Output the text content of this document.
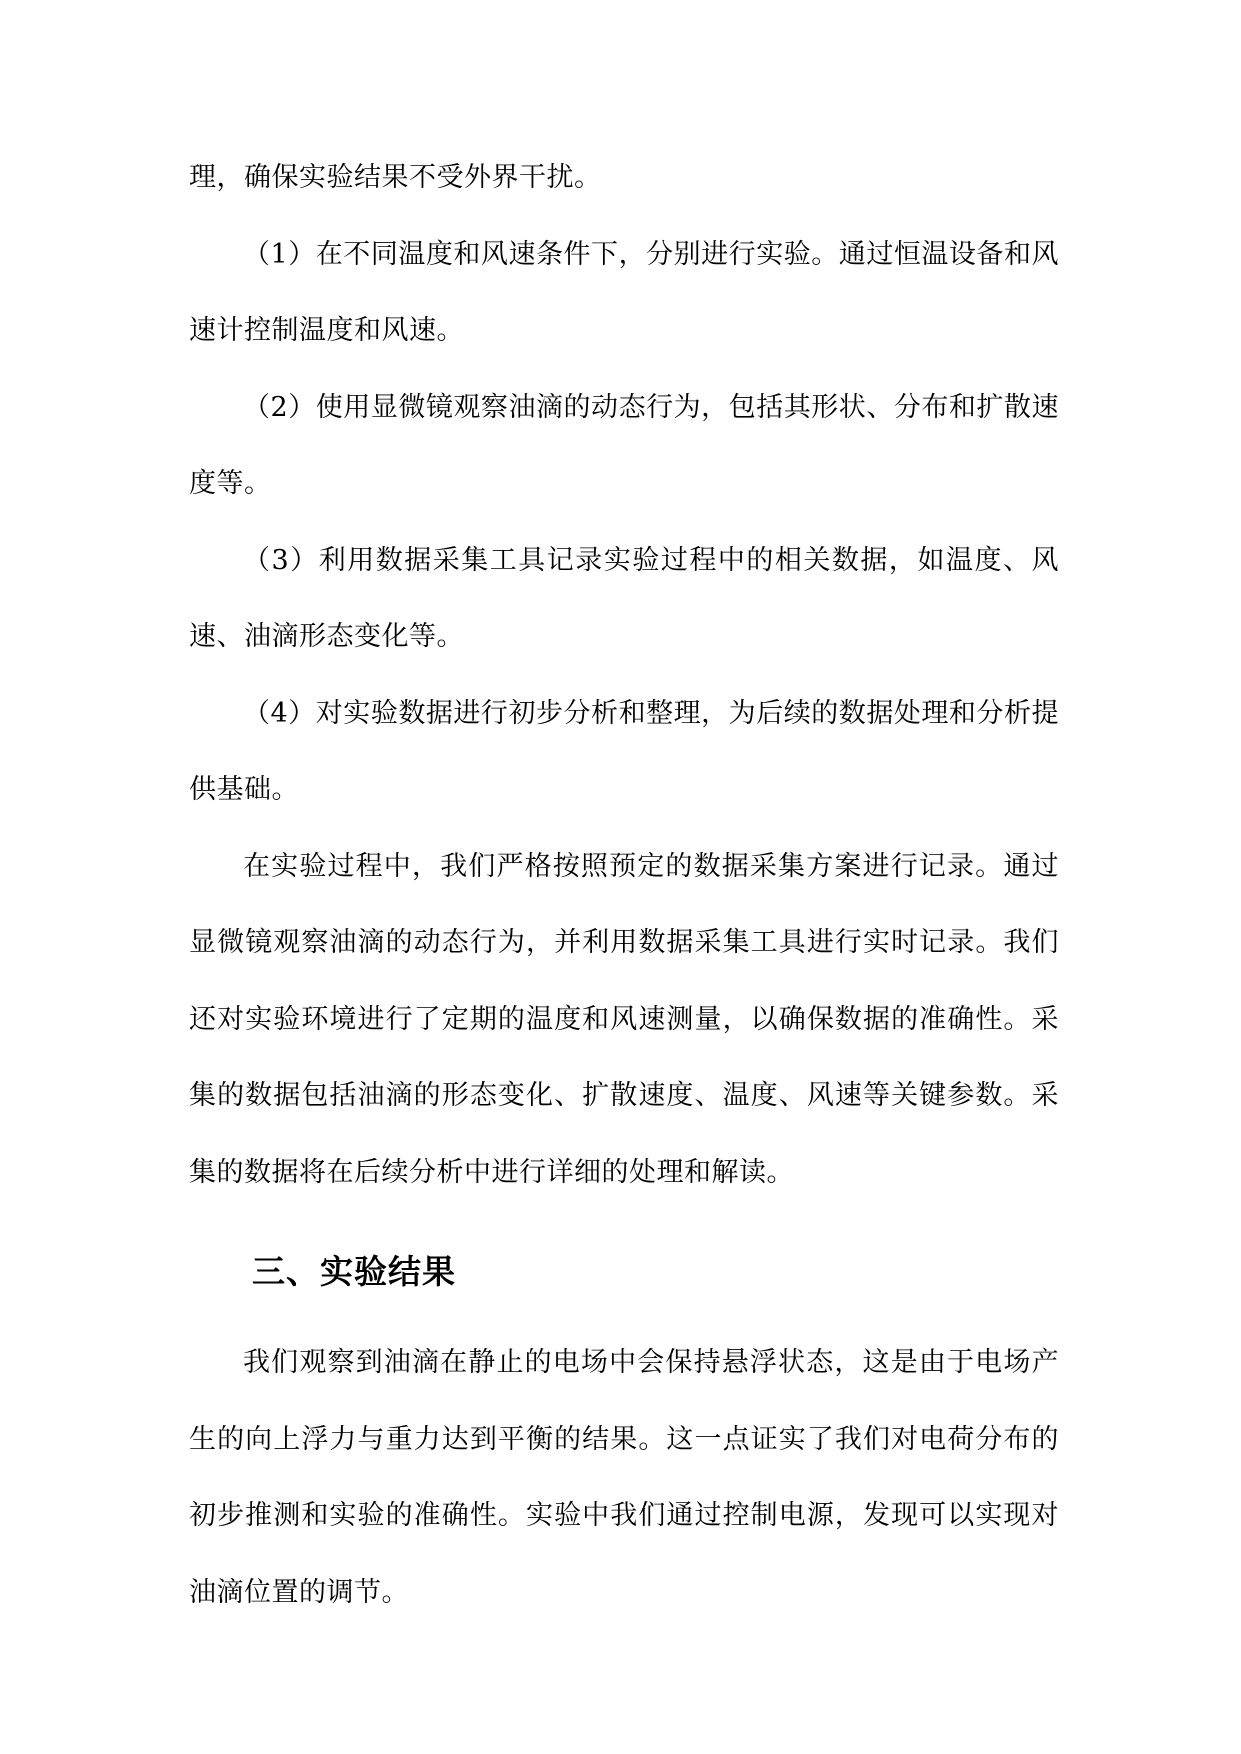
理，确保实验结果不受外界干扰。

（1）在不同温度和风速条件下，分别进行实验。通过恒温设备和风速计控制温度和风速。

（2）使用显微镜观察油滴的动态行为，包括其形状、分布和扩散速度等。

（3）利用数据采集工具记录实验过程中的相关数据，如温度、风速、油滴形态变化等。

（4）对实验数据进行初步分析和整理，为后续的数据处理和分析提供基础。

在实验过程中，我们严格按照预定的数据采集方案进行记录。通过显微镜观察油滴的动态行为，并利用数据采集工具进行实时记录。我们还对实验环境进行了定期的温度和风速测量，以确保数据的准确性。采集的数据包括油滴的形态变化、扩散速度、温度、风速等关键参数。采集的数据将在后续分析中进行详细的处理和解读。

三、实验结果

我们观察到油滴在静止的电场中会保持悬浮状态，这是由于电场产生的向上浮力与重力达到平衡的结果。这一点证实了我们对电荷分布的初步推测和实验的准确性。实验中我们通过控制电源，发现可以实现对油滴位置的调节。
